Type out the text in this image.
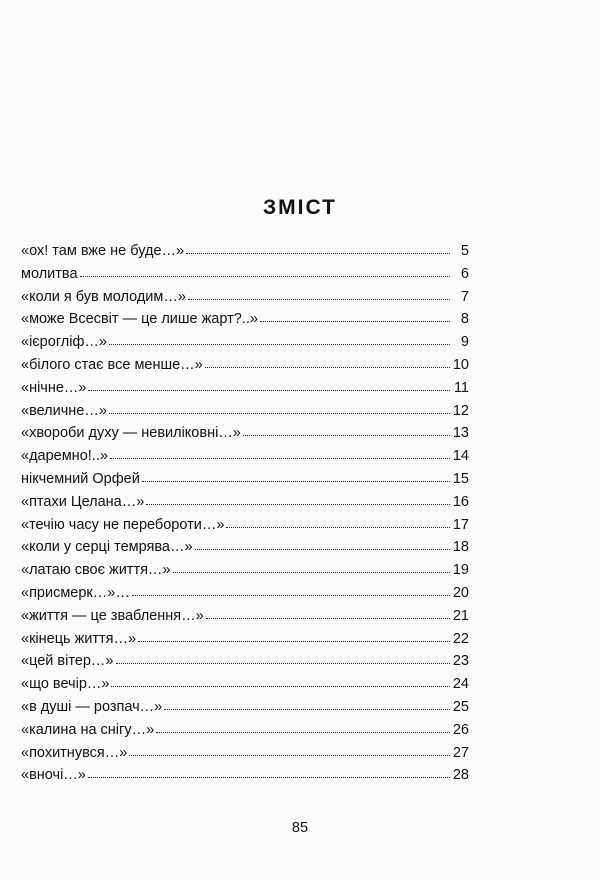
ЗМІСТ
«ох! там вже не буде…»	5
молитва	6
«коли я був молодим…»	7
«може Всесвіт — це лише жарт?..»	8
«ієрогліф…»	9
«білого стає все менше…»	10
«нічне…»	11
«величне…»	12
«хвороби духу — невиліковні…»	13
«даремно!..»	14
нікчемний Орфей	15
«птахи Целана…»	16
«течію часу не перебороти…»	17
«коли у серці темрява…»	18
«латаю своє життя…»	19
«присмерк…»…	20
«життя — це зваблення…»	21
«кінець життя…»	22
«цей вітер…»	23
«що вечір…»	24
«в душі — розпач…»	25
«калина на снігу…»	26
«похитнувся…»	27
«вночі…»	28
85
